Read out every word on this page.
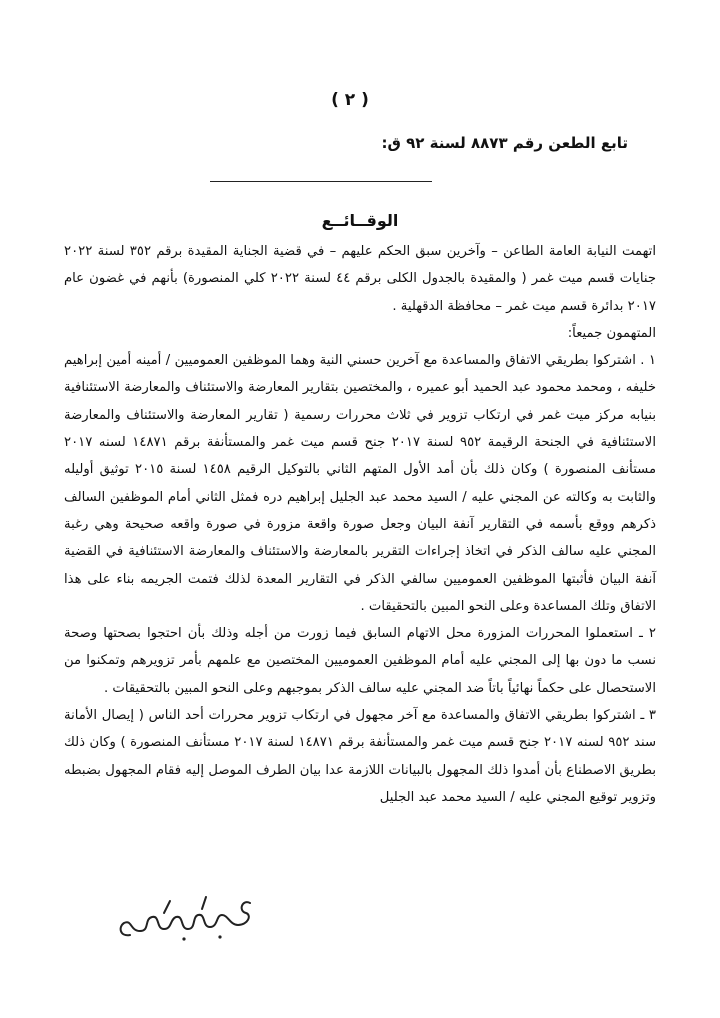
( ٢ )
تابع الطعن رقم ٨٨٧٣ لسنة ٩٢ ق:
الوقــائــع

اتهمت النيابة العامة الطاعن – وآخرين سبق الحكم عليهم – في قضية الجناية المقيدة برقم ٣٥٢ لسنة ٢٠٢٢ جنايات قسم ميت غمر ( والمقيدة بالجدول الكلى برقم ٤٤ لسنة ٢٠٢٢ كلي المنصورة) بأنهم في غضون عام ٢٠١٧ بدائرة قسم ميت غمر – محافظة الدقهلية .

المتهمون جميعاً:

١ . اشتركوا بطريقي الاتفاق والمساعدة مع آخرين حسني النية وهما الموظفين العموميين / أمينه أمين إبراهيم خليفه ، ومحمد محمود عبد الحميد أبو عميره ، والمختصين بتقارير المعارضة والاستئناف والمعارضة الاستئنافية بنيابه مركز ميت غمر في ارتكاب تزوير في ثلاث محررات رسمية ( تقارير المعارضة والاستئناف والمعارضة الاستئنافية في الجنحة الرقيمة ٩٥٢ لسنة ٢٠١٧ جنح قسم ميت غمر والمستأنفة برقم ١٤٨٧١ لسنه ٢٠١٧ مستأنف المنصورة ) وكان ذلك بأن أمد الأول المتهم الثاني بالتوكيل الرقيم ١٤٥٨ لسنة ٢٠١٥ توثيق أوليله والثابت به وكالته عن المجني عليه / السيد محمد عبد الجليل إبراهيم دره فمثل الثاني أمام الموظفين السالف ذكرهم ووقع بأسمه في التقارير آنفة البيان وجعل صورة واقعة مزورة في صورة واقعه صحيحة وهي رغبة المجني عليه سالف الذكر في اتخاذ إجراءات التقرير بالمعارضة والاستئناف والمعارضة الاستئنافية في القضية آنفة البيان فأثبتها الموظفين العموميين سالفي الذكر في التقارير المعدة لذلك فتمت الجريمه بناء على هذا الاتفاق وتلك المساعدة وعلى النحو المبين بالتحقيقات .

٢ ـ استعملوا المحررات المزورة محل الاتهام السابق فيما زورت من أجله وذلك بأن احتجوا بصحتها وصحة نسب ما دون بها إلى المجني عليه أمام الموظفين العموميين المختصين مع علمهم بأمر تزويرهم وتمكنوا من الاستحصال على حكماً نهائياً باتاً ضد المجني عليه سالف الذكر بموجبهم وعلى النحو المبين بالتحقيقات .

٣ ـ اشتركوا بطريقي الاتفاق والمساعدة مع آخر مجهول في ارتكاب تزوير محررات أحد الناس ( إيصال الأمانة سند ٩٥٢ لسنه ٢٠١٧ جنح قسم ميت غمر والمستأنفة برقم ١٤٨٧١ لسنة ٢٠١٧ مستأنف المنصورة ) وكان ذلك بطريق الاصطناع بأن أمدوا ذلك المجهول بالبيانات اللازمة عدا بيان الطرف الموصل إليه فقام المجهول بضبطه وتزوير توقيع المجني عليه / السيد محمد عبد الجليل
